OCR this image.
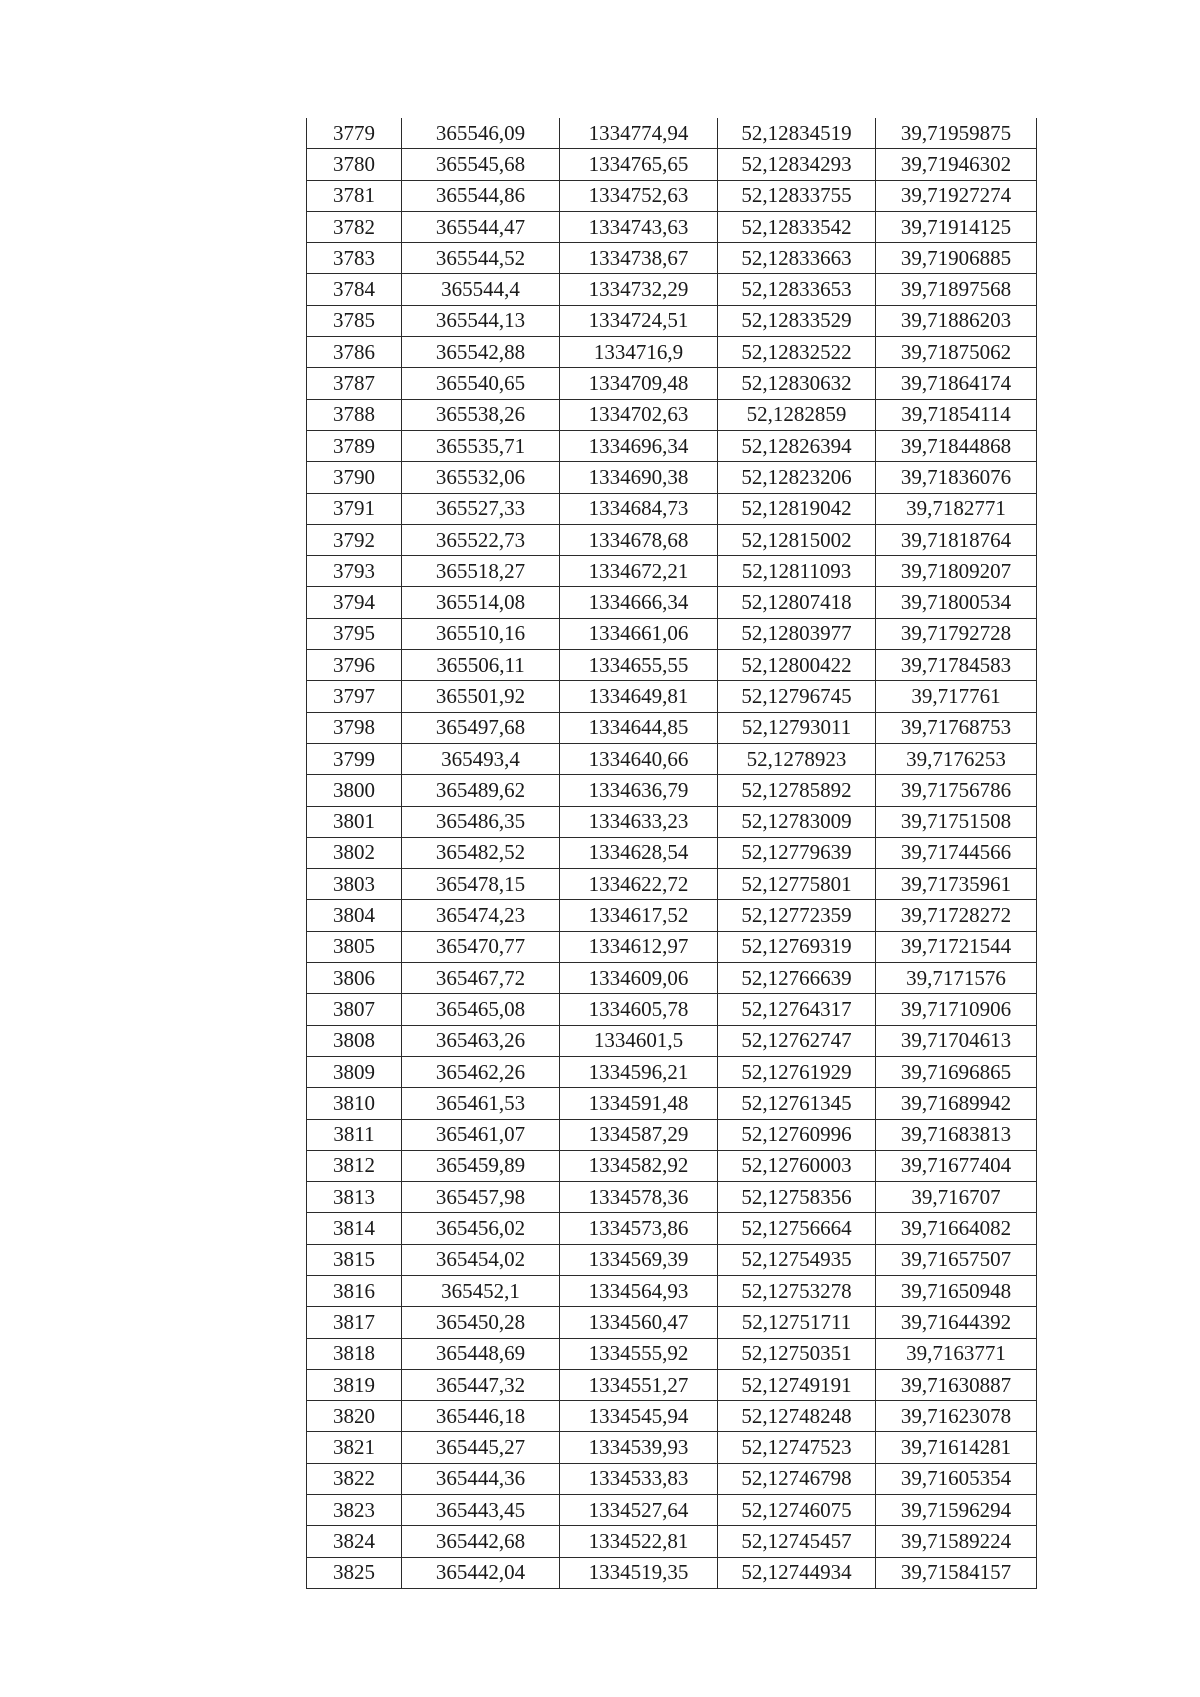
3779	365546,09	1334774,94	52,12834519	39,71959875
3780	365545,68	1334765,65	52,12834293	39,71946302
3781	365544,86	1334752,63	52,12833755	39,71927274
3782	365544,47	1334743,63	52,12833542	39,71914125
3783	365544,52	1334738,67	52,12833663	39,71906885
3784	365544,4	1334732,29	52,12833653	39,71897568
3785	365544,13	1334724,51	52,12833529	39,71886203
3786	365542,88	1334716,9	52,12832522	39,71875062
3787	365540,65	1334709,48	52,12830632	39,71864174
3788	365538,26	1334702,63	52,1282859	39,71854114
3789	365535,71	1334696,34	52,12826394	39,71844868
3790	365532,06	1334690,38	52,12823206	39,71836076
3791	365527,33	1334684,73	52,12819042	39,7182771
3792	365522,73	1334678,68	52,12815002	39,71818764
3793	365518,27	1334672,21	52,12811093	39,71809207
3794	365514,08	1334666,34	52,12807418	39,71800534
3795	365510,16	1334661,06	52,12803977	39,71792728
3796	365506,11	1334655,55	52,12800422	39,71784583
3797	365501,92	1334649,81	52,12796745	39,717761
3798	365497,68	1334644,85	52,12793011	39,71768753
3799	365493,4	1334640,66	52,1278923	39,7176253
3800	365489,62	1334636,79	52,12785892	39,71756786
3801	365486,35	1334633,23	52,12783009	39,71751508
3802	365482,52	1334628,54	52,12779639	39,71744566
3803	365478,15	1334622,72	52,12775801	39,71735961
3804	365474,23	1334617,52	52,12772359	39,71728272
3805	365470,77	1334612,97	52,12769319	39,71721544
3806	365467,72	1334609,06	52,12766639	39,7171576
3807	365465,08	1334605,78	52,12764317	39,71710906
3808	365463,26	1334601,5	52,12762747	39,71704613
3809	365462,26	1334596,21	52,12761929	39,71696865
3810	365461,53	1334591,48	52,12761345	39,71689942
3811	365461,07	1334587,29	52,12760996	39,71683813
3812	365459,89	1334582,92	52,12760003	39,71677404
3813	365457,98	1334578,36	52,12758356	39,716707
3814	365456,02	1334573,86	52,12756664	39,71664082
3815	365454,02	1334569,39	52,12754935	39,71657507
3816	365452,1	1334564,93	52,12753278	39,71650948
3817	365450,28	1334560,47	52,12751711	39,71644392
3818	365448,69	1334555,92	52,12750351	39,7163771
3819	365447,32	1334551,27	52,12749191	39,71630887
3820	365446,18	1334545,94	52,12748248	39,71623078
3821	365445,27	1334539,93	52,12747523	39,71614281
3822	365444,36	1334533,83	52,12746798	39,71605354
3823	365443,45	1334527,64	52,12746075	39,71596294
3824	365442,68	1334522,81	52,12745457	39,71589224
3825	365442,04	1334519,35	52,12744934	39,71584157
